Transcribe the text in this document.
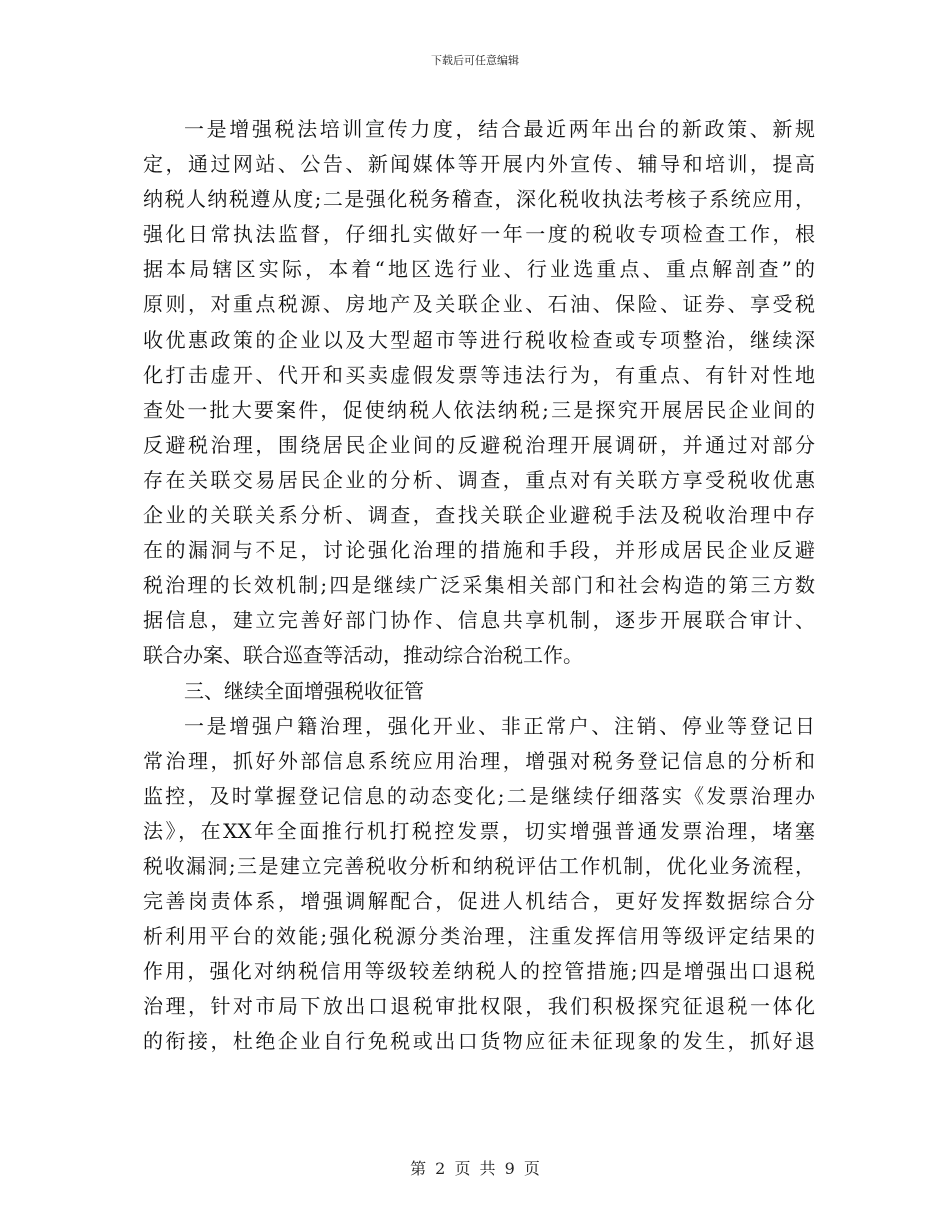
下载后可任意编辑
一是增强税法培训宣传力度，结合最近两年出台的新政策、新规
定，通过网站、公告、新闻媒体等开展内外宣传、辅导和培训，提高
纳税人纳税遵从度;二是强化税务稽查，深化税收执法考核子系统应用，
强化日常执法监督，仔细扎实做好一年一度的税收专项检查工作，根
据本局辖区实际，本着“地区选行业、行业选重点、重点解剖查”的
原则，对重点税源、房地产及关联企业、石油、保险、证券、享受税
收优惠政策的企业以及大型超市等进行税收检查或专项整治，继续深
化打击虚开、代开和买卖虚假发票等违法行为，有重点、有针对性地
查处一批大要案件，促使纳税人依法纳税;三是探究开展居民企业间的
反避税治理，围绕居民企业间的反避税治理开展调研，并通过对部分
存在关联交易居民企业的分析、调查，重点对有关联方享受税收优惠
企业的关联关系分析、调查，查找关联企业避税手法及税收治理中存
在的漏洞与不足，讨论强化治理的措施和手段，并形成居民企业反避
税治理的长效机制;四是继续广泛采集相关部门和社会构造的第三方数
据信息，建立完善好部门协作、信息共享机制，逐步开展联合审计、
联合办案、联合巡查等活动，推动综合治税工作。
三、继续全面增强税收征管
一是增强户籍治理，强化开业、非正常户、注销、停业等登记日
常治理，抓好外部信息系统应用治理，增强对税务登记信息的分析和
监控，及时掌握登记信息的动态变化;二是继续仔细落实《发票治理办
法》，在XX年全面推行机打税控发票，切实增强普通发票治理，堵塞
税收漏洞;三是建立完善税收分析和纳税评估工作机制，优化业务流程，
完善岗责体系，增强调解配合，促进人机结合，更好发挥数据综合分
析利用平台的效能;强化税源分类治理，注重发挥信用等级评定结果的
作用，强化对纳税信用等级较差纳税人的控管措施;四是增强出口退税
治理，针对市局下放出口退税审批权限，我们积极探究征退税一体化
的衔接，杜绝企业自行免税或出口货物应征未征现象的发生，抓好退
第 2 页 共 9 页
